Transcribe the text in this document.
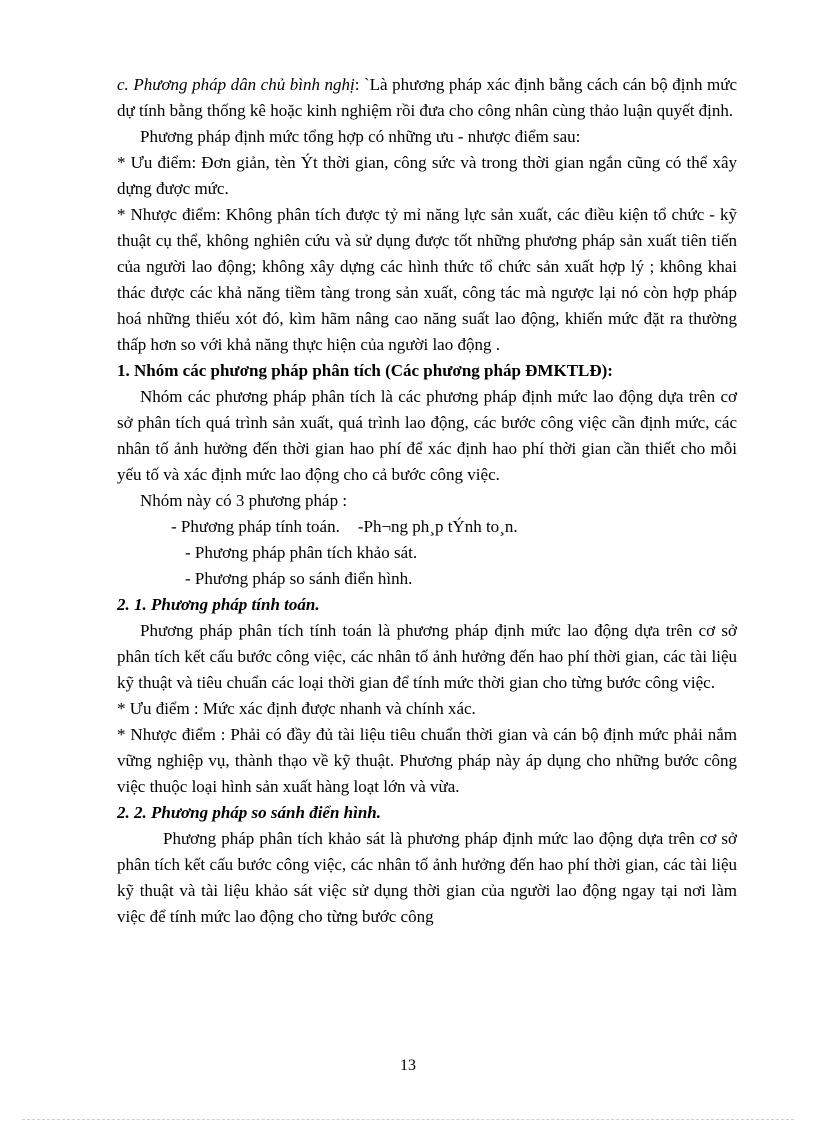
c. Phương pháp dân chủ bình nghị: `Là phương pháp xác định bằng cách cán bộ định mức dự tính bằng thống kê hoặc kinh nghiệm rồi đưa cho công nhân cùng thảo luận quyết định.

Phương pháp định mức tổng hợp có những ưu - nhược điểm sau:

* Ưu điểm: Đơn giản, tèn Ýt thời gian, công sức và trong thời gian ngắn cũng có thể xây dựng được mức.

* Nhược điểm: Không phân tích được tỷ mỉ năng lực sản xuất, các điều kiện tổ chức - kỹ thuật cụ thể, không nghiên cứu và sử dụng được tốt những phương pháp sản xuất tiên tiến của người lao động; không xây dựng các hình thức tổ chức sản xuất hợp lý ; không khai thác được các khả năng tiềm tàng trong sản xuất, công tác mà ngược lại nó còn hợp pháp hoá những thiếu xót đó, kìm hãm nâng cao năng suất lao động, khiến mức đặt ra thường thấp hơn so với khả năng thực hiện của người lao động .

1. Nhóm các phương pháp phân tích (Các phương pháp ĐMKTLĐ):

Nhóm các phương pháp phân tích là các phương pháp định mức lao động dựa trên cơ sở phân tích quá trình sản xuất, quá trình lao động, các bước công việc cần định mức, các nhân tố ảnh hưởng đến thời gian hao phí để xác định hao phí thời gian cần thiết cho mỗi yếu tố và xác định mức lao động cho cả bước công việc.

Nhóm này có 3 phương pháp :

- Phương pháp tính toán. -Ph¬ng ph¸p tÝnh to¸n.

- Phương pháp phân tích khảo sát.

- Phương pháp so sánh điển hình.

2. 1. Phương pháp tính toán.

Phương pháp phân tích tính toán là phương pháp định mức lao động dựa trên cơ sở phân tích kết cấu bước công việc, các nhân tố ảnh hưởng đến hao phí thời gian, các tài liệu kỹ thuật và tiêu chuẩn các loại thời gian để tính mức thời gian cho từng bước công việc.

* Ưu điểm : Mức xác định được nhanh và chính xác.

* Nhược điểm : Phải có đầy đủ tài liệu tiêu chuẩn thời gian và cán bộ định mức phải nắm vững nghiệp vụ, thành thạo về kỹ thuật. Phương pháp này áp dụng cho những bước công việc thuộc loại hình sản xuất hàng loạt lớn và vừa.

2. 2. Phương pháp so sánh điển hình.

Phương pháp phân tích khảo sát là phương pháp định mức lao động dựa trên cơ sở phân tích kết cấu bước công việc, các nhân tố ảnh hưởng đến hao phí thời gian, các tài liệu kỹ thuật và tài liệu khảo sát việc sử dụng thời gian của người lao động ngay tại nơi làm việc để tính mức lao động cho từng bước công

13
